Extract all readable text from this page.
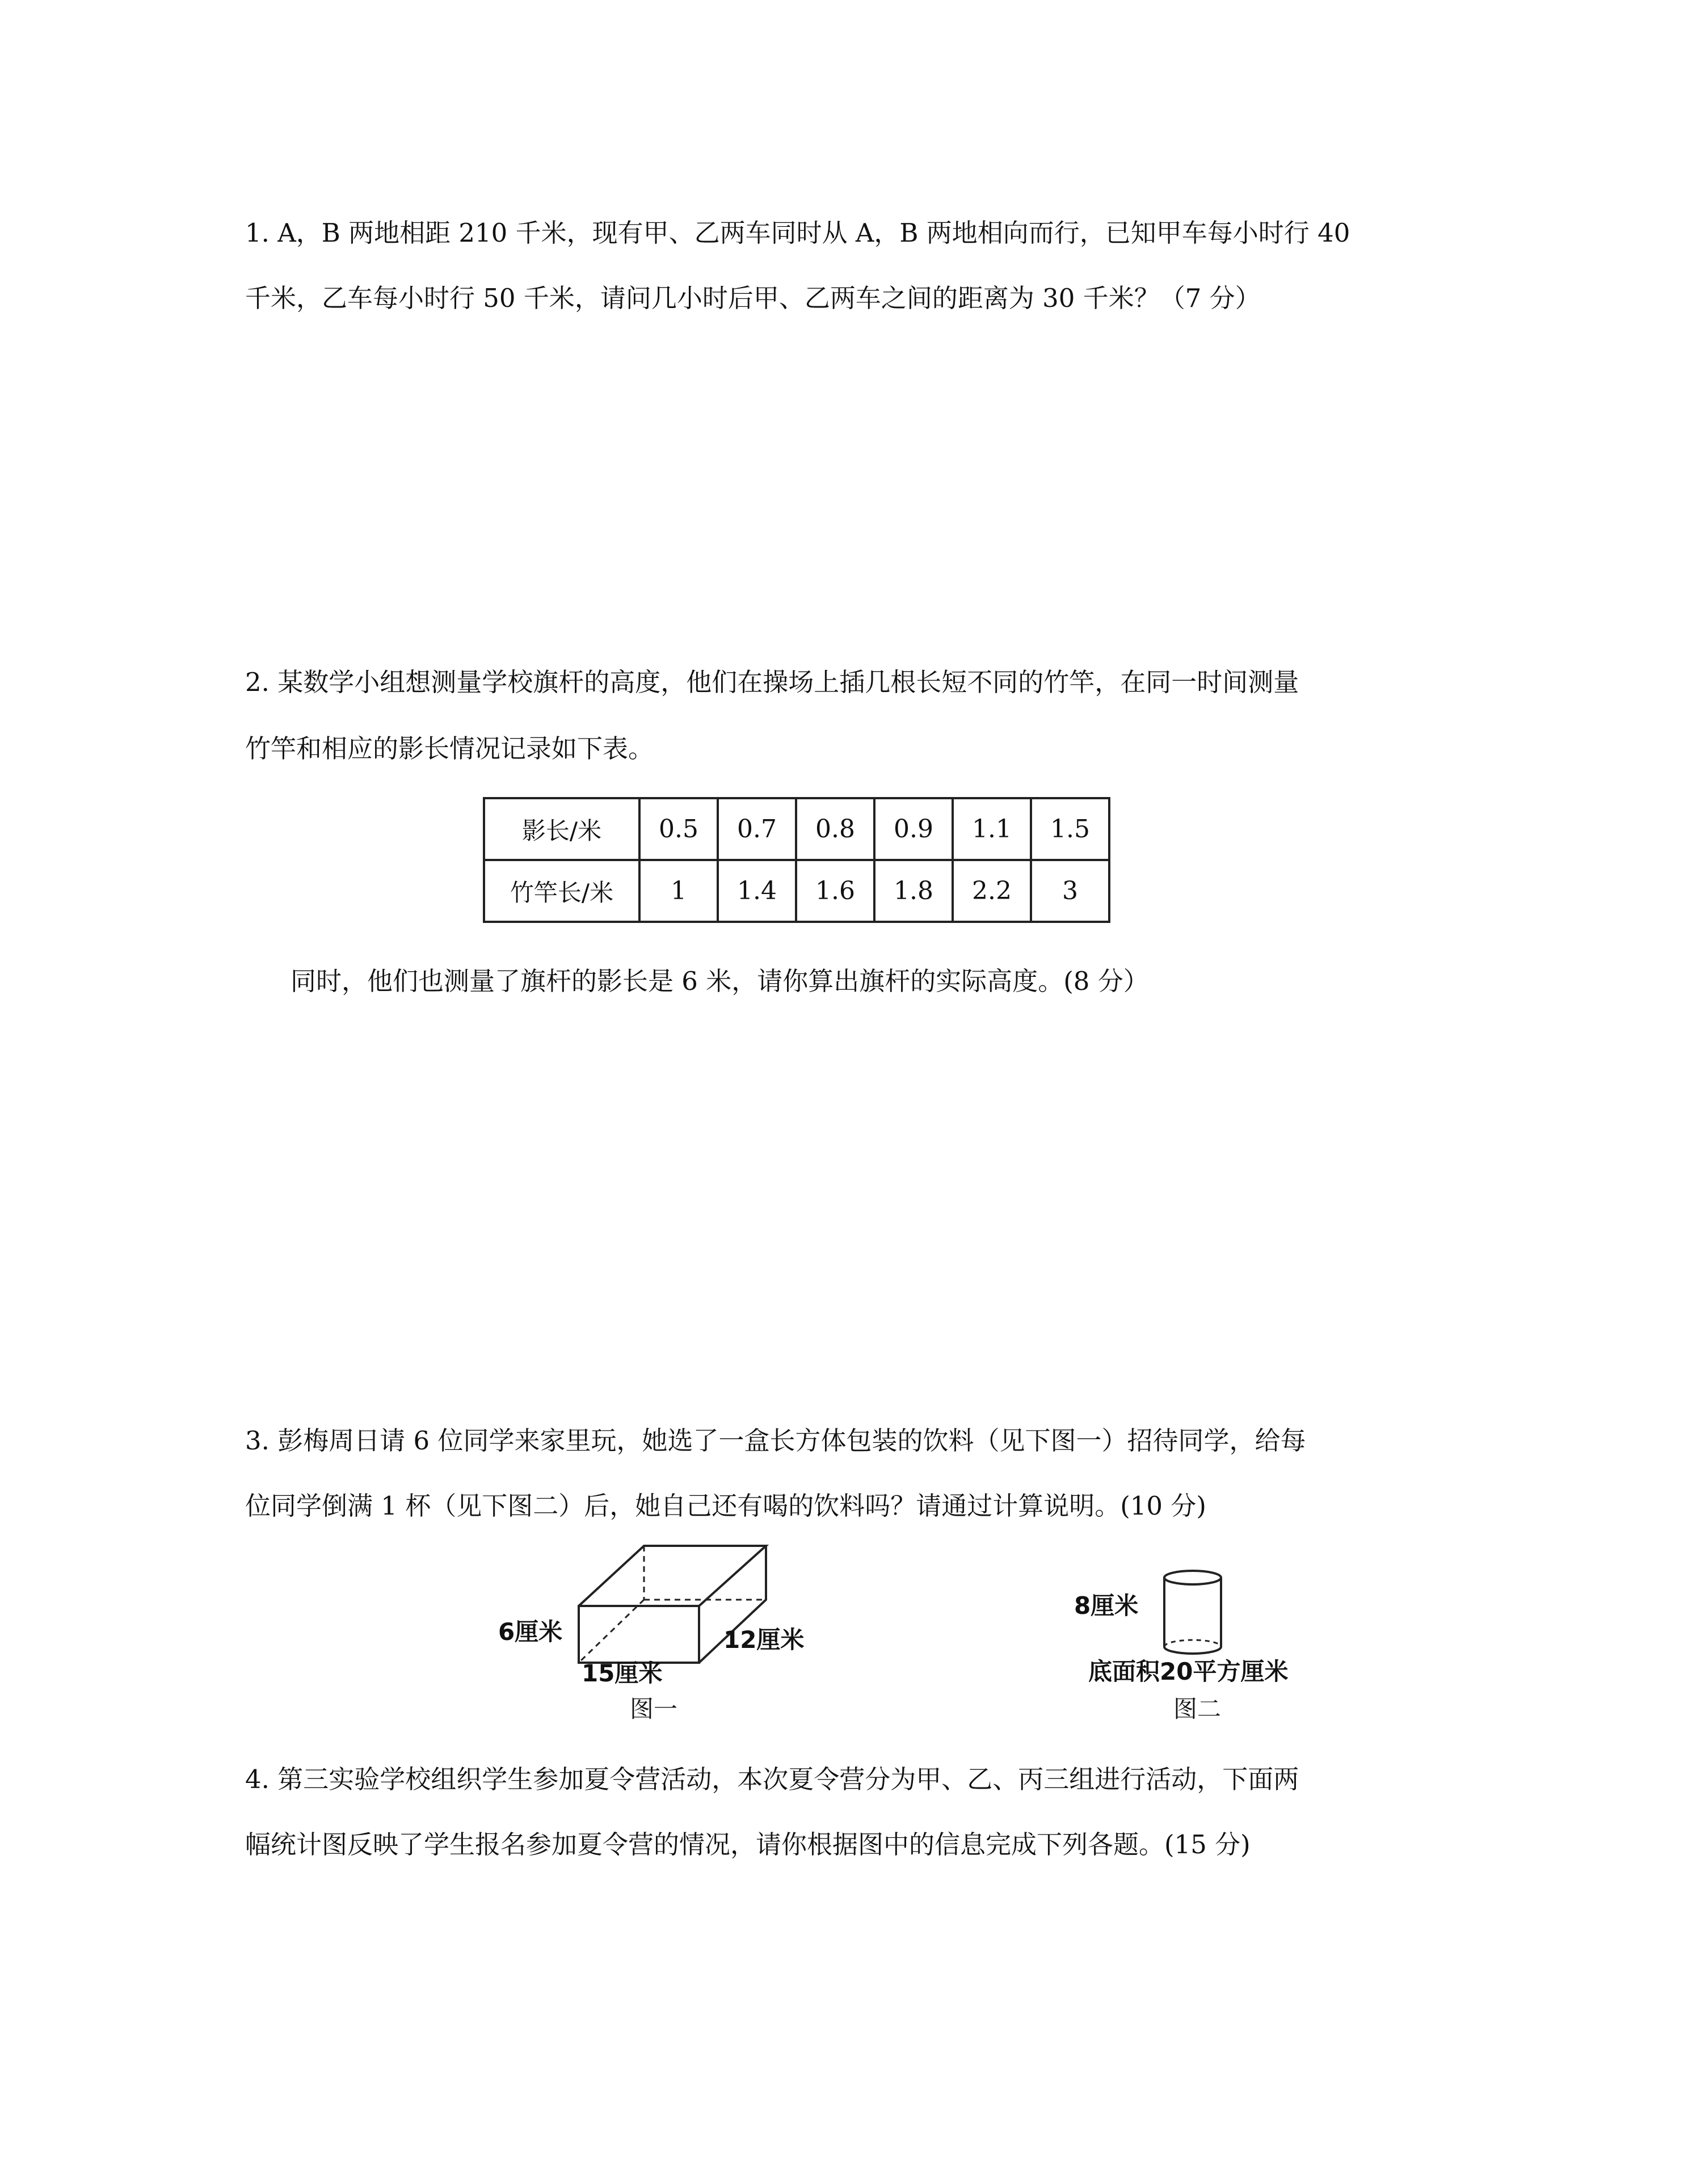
1. A，B 两地相距 210 千米，现有甲、乙两车同时从 A，B 两地相向而行，已知甲车每小时行 40
千米，乙车每小时行 50 千米，请问几小时后甲、乙两车之间的距离为 30 千米？（7 分）
2. 某数学小组想测量学校旗杆的高度，他们在操场上插几根长短不同的竹竿，在同一时间测量
竹竿和相应的影长情况记录如下表。
影长/米	0.5	0.7	0.8	0.9	1.1	1.5
竹竿长/米	1	1.4	1.6	1.8	2.2	3
同时，他们也测量了旗杆的影长是 6 米，请你算出旗杆的实际高度。(8 分）
3. 彭梅周日请 6 位同学来家里玩，她选了一盒长方体包装的饮料（见下图一）招待同学，给每
位同学倒满 1 杯（见下图二）后，她自己还有喝的饮料吗？请通过计算说明。(10 分)
6厘米	12厘米
15厘米
图一
8厘米
底面积20平方厘米
图二
4. 第三实验学校组织学生参加夏令营活动，本次夏令营分为甲、乙、丙三组进行活动，下面两
幅统计图反映了学生报名参加夏令营的情况，请你根据图中的信息完成下列各题。(15 分)
